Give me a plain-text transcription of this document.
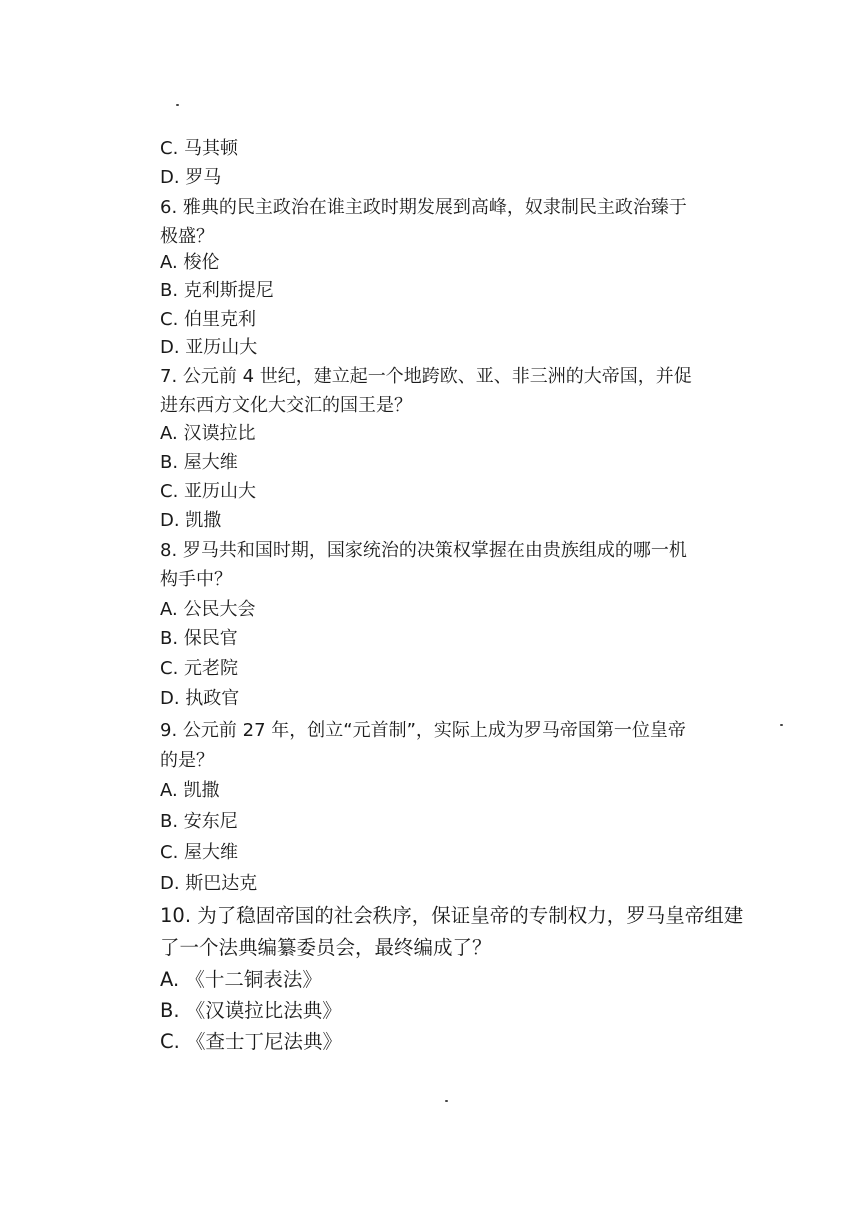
C. 马其顿
D. 罗马
6. 雅典的民主政治在谁主政时期发展到高峰，奴隶制民主政治臻于
极盛？
A. 梭伦
B. 克利斯提尼
C. 伯里克利
D. 亚历山大
7. 公元前 4 世纪，建立起一个地跨欧、亚、非三洲的大帝国，并促
进东西方文化大交汇的国王是？
A. 汉谟拉比
B. 屋大维
C. 亚历山大
D. 凯撒
8. 罗马共和国时期，国家统治的决策权掌握在由贵族组成的哪一机
构手中？
A. 公民大会
B. 保民官
C. 元老院
D. 执政官
9. 公元前 27 年，创立“元首制”，实际上成为罗马帝国第一位皇帝
的是？
A. 凯撒
B. 安东尼
C. 屋大维
D. 斯巴达克
10. 为了稳固帝国的社会秩序，保证皇帝的专制权力，罗马皇帝组建
了一个法典编纂委员会，最终编成了？
A. 《十二铜表法》
B. 《汉谟拉比法典》
C. 《查士丁尼法典》
